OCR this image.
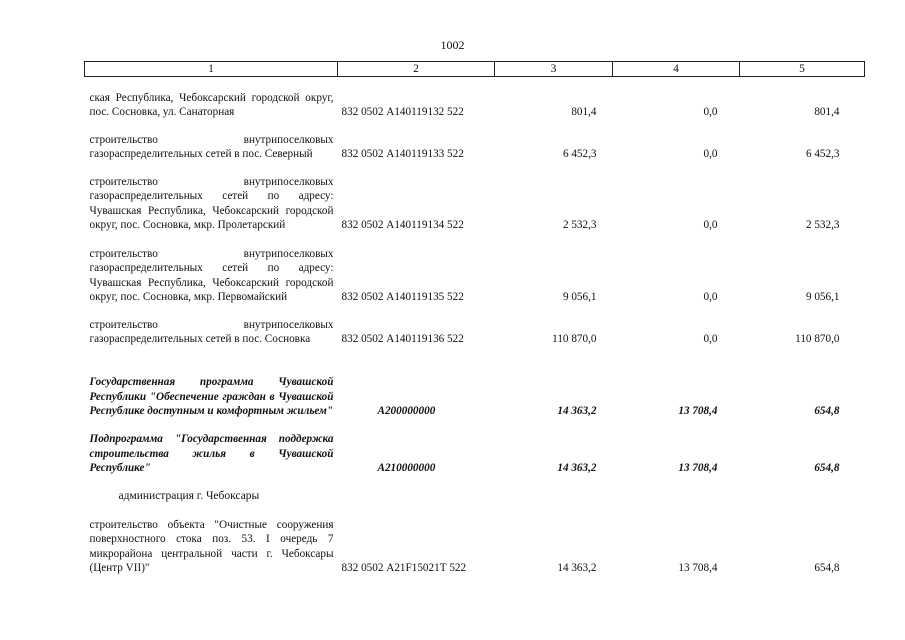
1002
1	2	3	4	5
ская Республика, Чебоксарский городской округ, пос. Сосновка, ул. Санаторная	832 0502 А140119132 522	801,4	0,0	801,4
строительство внутрипоселковых газораспределительных сетей в пос. Северный	832 0502 А140119133 522	6 452,3	0,0	6 452,3
строительство внутрипоселковых газораспределительных сетей по адресу: Чувашская Республика, Чебоксарский городской округ, пос. Сосновка, мкр. Пролетарский	832 0502 А140119134 522	2 532,3	0,0	2 532,3
строительство внутрипоселковых газораспределительных сетей по адресу: Чувашская Республика, Чебоксарский городской округ, пос. Сосновка, мкр. Первомайский	832 0502 А140119135 522	9 056,1	0,0	9 056,1
строительство внутрипоселковых газораспределительных сетей в пос. Сосновка	832 0502 А140119136 522	110 870,0	0,0	110 870,0
Государственная программа Чувашской Республики "Обеспечение граждан в Чувашской Республике доступным и комфортным жильем"	А200000000	14 363,2	13 708,4	654,8
Подпрограмма "Государственная поддержка строительства жилья в Чувашской Республике"	А210000000	14 363,2	13 708,4	654,8
администрация г. Чебоксары				
строительство объекта "Очистные сооружения поверхностного стока поз. 53. I очередь 7 микрорайона центральной части г. Чебоксары (Центр VII)"	832 0502 А21F15021Т 522	14 363,2	13 708,4	654,8
